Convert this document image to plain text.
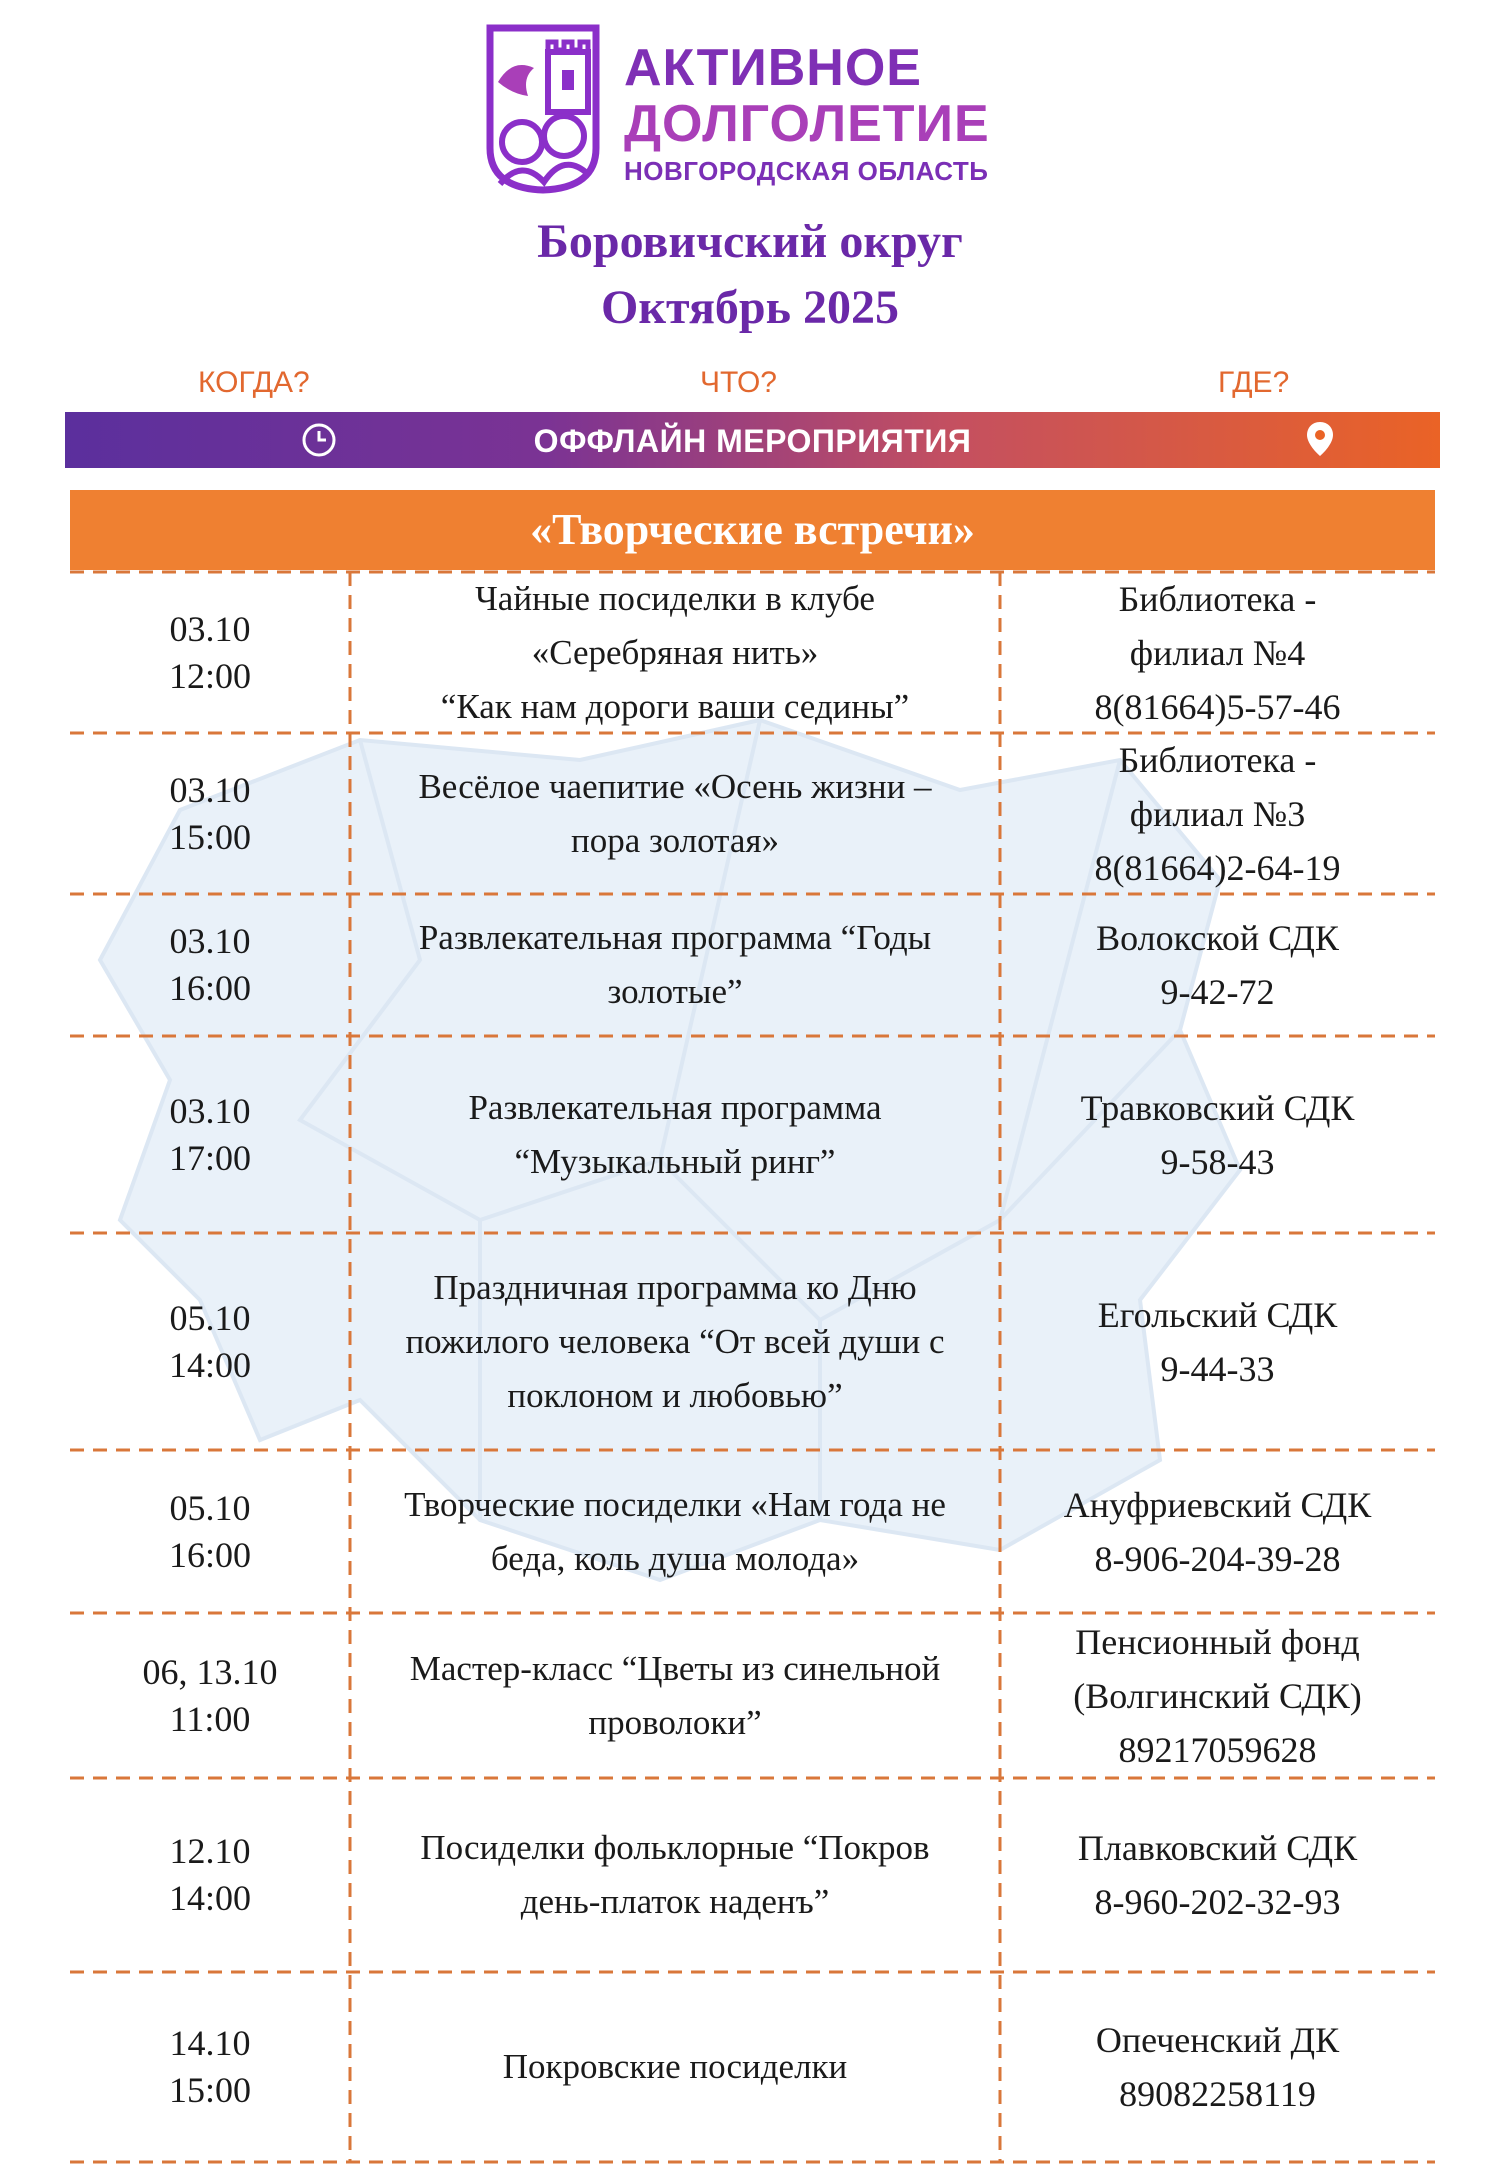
АКТИВНОЕ
ДОЛГОЛЕТИЕ
НОВГОРОДСКАЯ ОБЛАСТЬ
Боровичский округ
Октябрь 2025
КОГДА?	ЧТО?	ГДЕ?
ОФФЛАЙН МЕРОПРИЯТИЯ
«Творческие встречи»
03.10
12:00
Чайные посиделки в клубе
«Серебряная нить»
“Как нам дороги ваши седины”
Библиотека -
филиал №4
8(81664)5-57-46
03.10
15:00
Весёлое чаепитие «Осень жизни –
пора золотая»
Библиотека -
филиал №3
8(81664)2-64-19
03.10
16:00
Развлекательная программа “Годы
золотые”
Волокской СДК
9-42-72
03.10
17:00
Развлекательная программа
“Музыкальный ринг”
Травковский СДК
9-58-43
05.10
14:00
Праздничная программа ко Дню
пожилого человека “От всей души с
поклоном и любовью”
Егольский СДК
9-44-33
05.10
16:00
Творческие посиделки «Нам года не
беда, коль душа молода»
Ануфриевский СДК
8-906-204-39-28
06, 13.10
11:00
Мастер-класс “Цветы из синельной
проволоки”
Пенсионный фонд
(Волгинский СДК)
89217059628
12.10
14:00
Посиделки фольклорные “Покров
день-платок наденъ”
Плавковский СДК
8-960-202-32-93
14.10
15:00
Покровские посиделки
Опеченский ДК
89082258119
